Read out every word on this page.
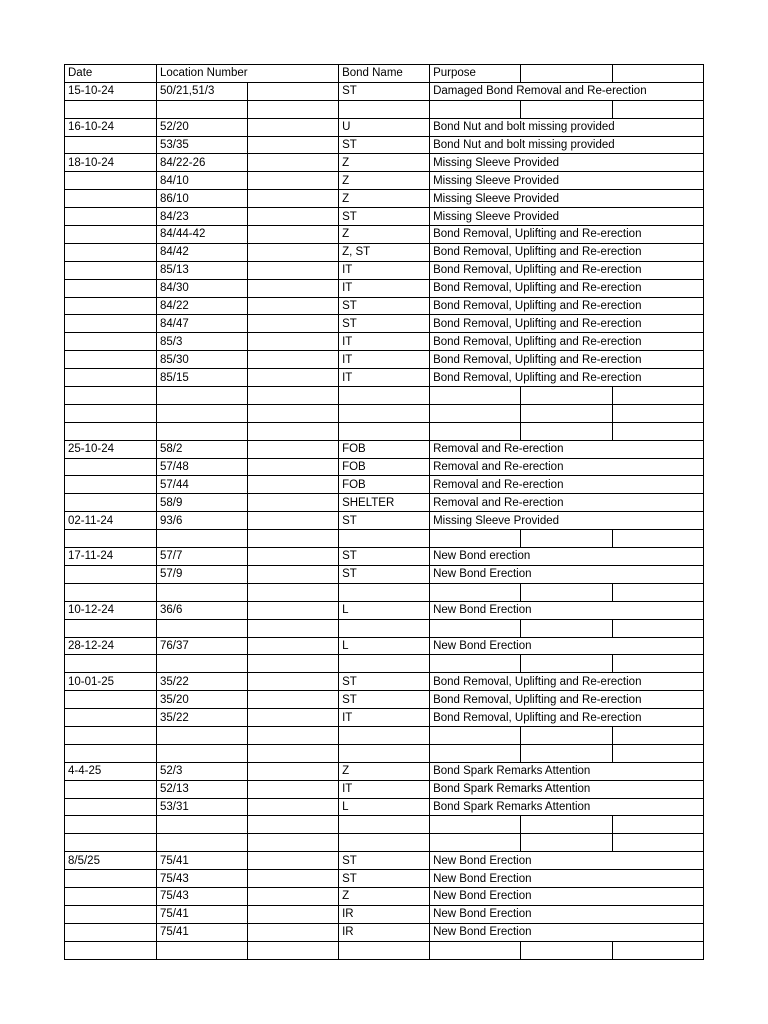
Date	Location Number		Bond Name	Purpose		
15-10-24	50/21,51/3		ST	Damaged Bond Removal and Re-erection		

16-10-24	52/20		U	Bond Nut and bolt missing provided		
	53/35		ST	Bond Nut and bolt missing provided		
18-10-24	84/22-26		Z	Missing Sleeve Provided		
	84/10		Z	Missing Sleeve Provided		
	86/10		Z	Missing Sleeve Provided		
	84/23		ST	Missing Sleeve Provided		
	84/44-42		Z	Bond Removal, Uplifting and Re-erection		
	84/42		Z, ST	Bond Removal, Uplifting and Re-erection		
	85/13		IT	Bond Removal, Uplifting and Re-erection		
	84/30		IT	Bond Removal, Uplifting and Re-erection		
	84/22		ST	Bond Removal, Uplifting and Re-erection		
	84/47		ST	Bond Removal, Uplifting and Re-erection		
	85/3		IT	Bond Removal, Uplifting and Re-erection		
	85/30		IT	Bond Removal, Uplifting and Re-erection		
	85/15		IT	Bond Removal, Uplifting and Re-erection		

25-10-24	58/2		FOB	Removal and Re-erection		
	57/48		FOB	Removal and Re-erection		
	57/44		FOB	Removal and Re-erection		
	58/9		SHELTER	Removal and Re-erection		
02-11-24	93/6		ST	Missing Sleeve Provided		

17-11-24	57/7		ST	New Bond erection		
	57/9		ST	New Bond Erection		

10-12-24	36/6		L	New Bond Erection		

28-12-24	76/37		L	New Bond Erection		

10-01-25	35/22		ST	Bond Removal, Uplifting and Re-erection		
	35/20		ST	Bond Removal, Uplifting and Re-erection		
	35/22		IT	Bond Removal, Uplifting and Re-erection		

4-4-25	52/3		Z	Bond Spark Remarks Attention		
	52/13		IT	Bond Spark Remarks Attention		
	53/31		L	Bond Spark Remarks Attention		

8/5/25	75/41		ST	New Bond Erection		
	75/43		ST	New Bond Erection		
	75/43		Z	New Bond Erection		
	75/41		IR	New Bond Erection		
	75/41		IR	New Bond Erection		
